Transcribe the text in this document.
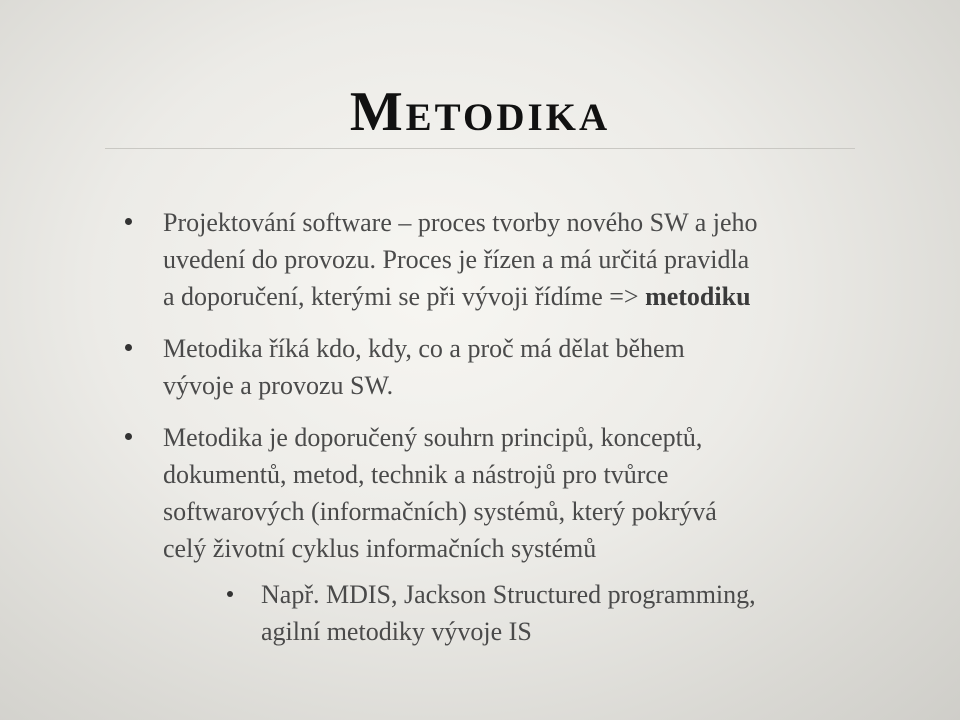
Metodika

Projektování software – proces tvorby nového SW a jeho
uvedení do provozu. Proces je řízen a má určitá pravidla
a doporučení, kterými se při vývoji řídíme => metodiku

Metodika říká kdo, kdy, co a proč má dělat během
vývoje a provozu SW.

Metodika je doporučený souhrn principů, konceptů,
dokumentů, metod, technik a nástrojů pro tvůrce
softwarových (informačních) systémů, který pokrývá
celý životní cyklus informačních systémů

Např. MDIS, Jackson Structured programming,
agilní metodiky vývoje IS
